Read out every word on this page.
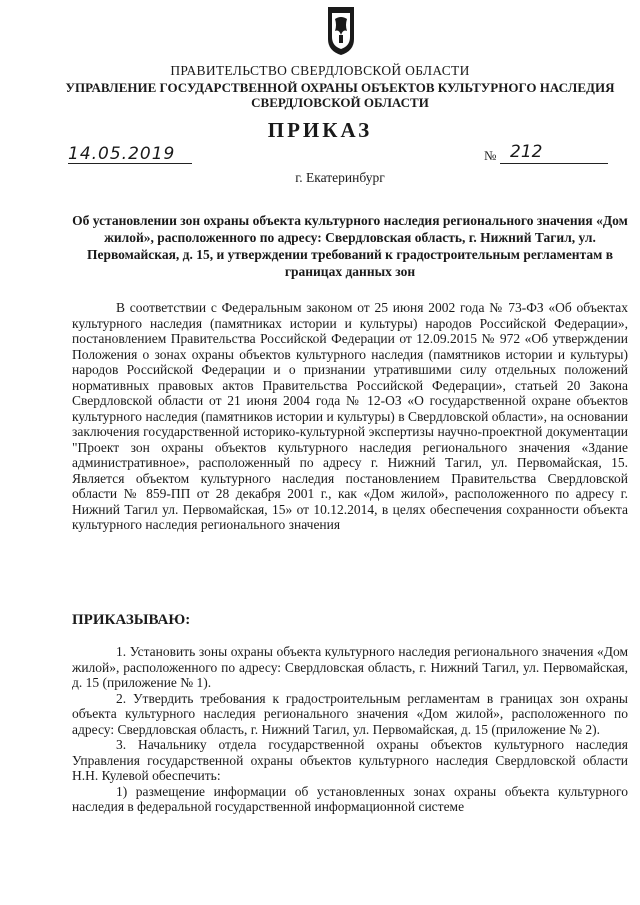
ПРАВИТЕЛЬСТВО СВЕРДЛОВСКОЙ ОБЛАСТИ
УПРАВЛЕНИЕ ГОСУДАРСТВЕННОЙ ОХРАНЫ ОБЪЕКТОВ КУЛЬТУРНОГО НАСЛЕДИЯ СВЕРДЛОВСКОЙ ОБЛАСТИ
ПРИКАЗ
14.05.2019	№ 212
г. Екатеринбург
Об установлении зон охраны объекта культурного наследия регионального значения «Дом жилой», расположенного по адресу: Свердловская область, г. Нижний Тагил, ул. Первомайская, д. 15, и утверждении требований к градостроительным регламентам в границах данных зон

В соответствии с Федеральным законом от 25 июня 2002 года № 73-ФЗ «Об объектах культурного наследия (памятниках истории и культуры) народов Российской Федерации», постановлением Правительства Российской Федерации от 12.09.2015 № 972 «Об утверждении Положения о зонах охраны объектов культурного наследия (памятников истории и культуры) народов Российской Федерации и о признании утратившими силу отдельных положений нормативных правовых актов Правительства Российской Федерации», статьей 20 Закона Свердловской области от 21 июня 2004 года № 12-ОЗ «О государственной охране объектов культурного наследия (памятников истории и культуры) в Свердловской области», на основании заключения государственной историко-культурной экспертизы научно-проектной документации "Проект зон охраны объектов культурного наследия регионального значения «Здание административное», расположенный по адресу г. Нижний Тагил, ул. Первомайская, 15. Является объектом культурного наследия постановлением Правительства Свердловской области № 859-ПП от 28 декабря 2001 г., как «Дом жилой», расположенного по адресу г. Нижний Тагил ул. Первомайская, 15» от 10.12.2014, в целях обеспечения сохранности объекта культурного наследия регионального значения

ПРИКАЗЫВАЮ:

1. Установить зоны охраны объекта культурного наследия регионального значения «Дом жилой», расположенного по адресу: Свердловская область, г. Нижний Тагил, ул. Первомайская, д. 15 (приложение № 1).

2. Утвердить требования к градостроительным регламентам в границах зон охраны объекта культурного наследия регионального значения «Дом жилой», расположенного по адресу: Свердловская область, г. Нижний Тагил, ул. Первомайская, д. 15 (приложение № 2).

3. Начальнику отдела государственной охраны объектов культурного наследия Управления государственной охраны объектов культурного наследия Свердловской области Н.Н. Кулевой обеспечить:

1) размещение информации об установленных зонах охраны объекта культурного наследия в федеральной государственной информационной системе
